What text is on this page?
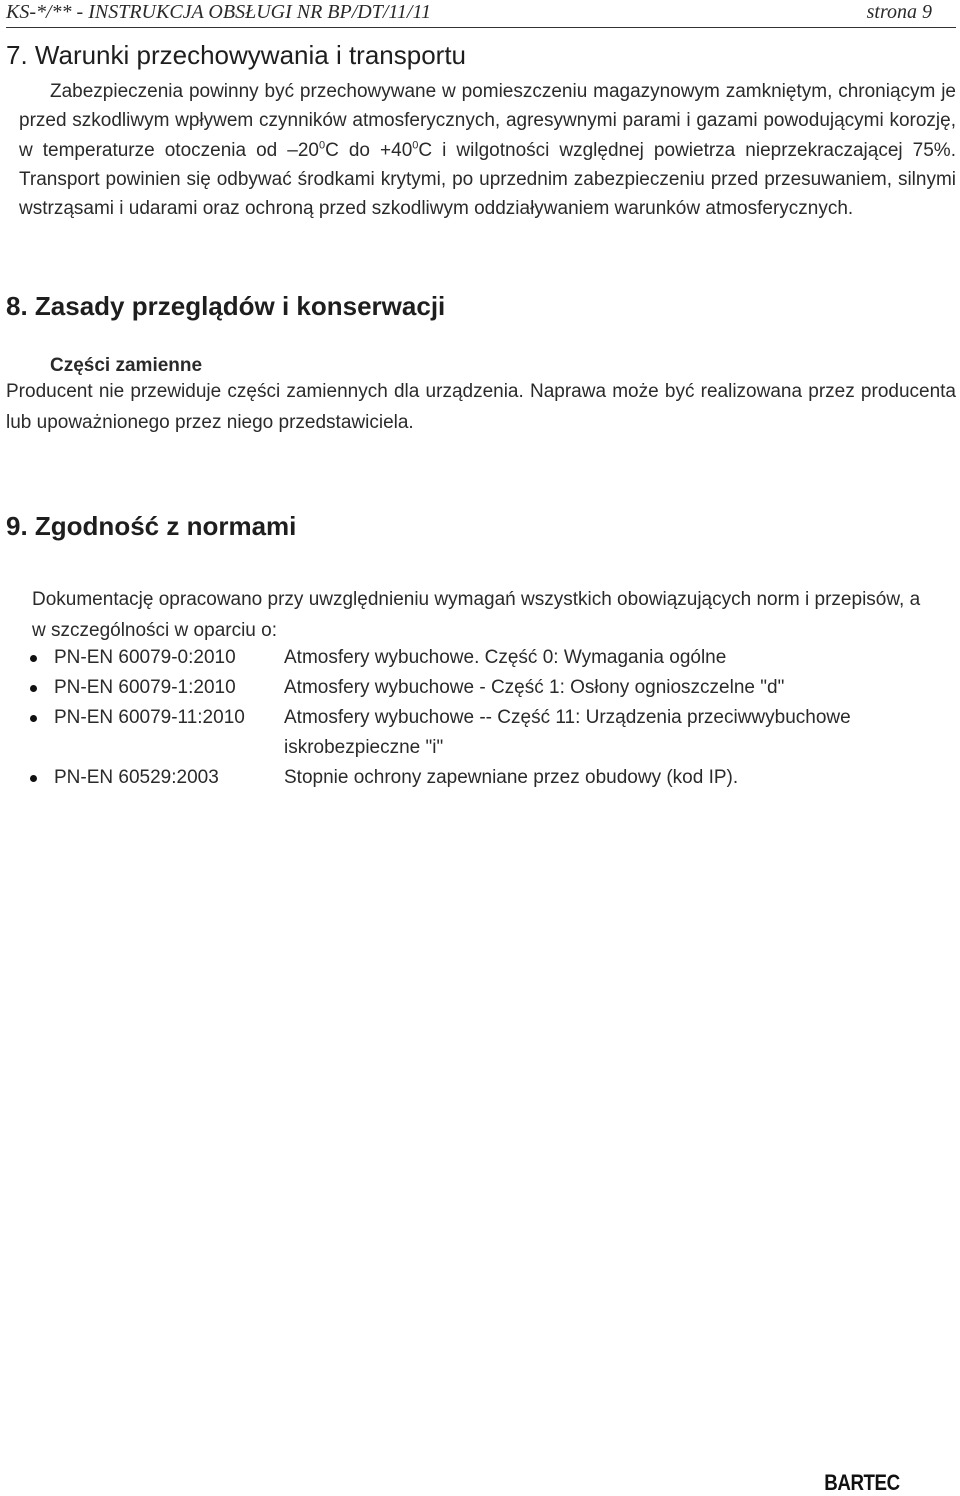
KS-*/** - INSTRUKCJA OBSŁUGI NR BP/DT/11/11	strona 9
7. Warunki przechowywania i transportu
Zabezpieczenia powinny być przechowywane w pomieszczeniu magazynowym zamkniętym, chroniącym je przed szkodliwym wpływem czynników atmosferycznych, agresywnymi parami i gazami powodującymi korozję, w temperaturze otoczenia od $-20^0C$ do $+40^0C$ i wilgotności względnej powietrza nieprzekraczającej 75%. Transport powinien się odbywać środkami krytymi, po uprzednim zabezpieczeniu przed przesuwaniem, silnymi wstrząsami i udarami oraz ochroną przed szkodliwym oddziaływaniem warunków atmosferycznych.
8. Zasady przeglądów i konserwacji
Części zamienne
Producent nie przewiduje części zamiennych dla urządzenia. Naprawa może być realizowana przez producenta lub upoważnionego przez niego przedstawiciela.
9. Zgodność z normami
Dokumentację opracowano przy uwzględnieniu wymagań wszystkich obowiązujących norm i przepisów, a w szczególności w oparciu o:
PN-EN 60079-0:2010	Atmosfery wybuchowe. Część 0: Wymagania ogólne
PN-EN 60079-1:2010	Atmosfery wybuchowe - Część 1: Osłony ognioszczelne "d"
PN-EN 60079-11:2010 Atmosfery wybuchowe -- Część 11: Urządzenia przeciwwybuchowe
iskrobezpieczne "i"
PN-EN 60529:2003	Stopnie ochrony zapewniane przez obudowy (kod IP).
BARTEC
